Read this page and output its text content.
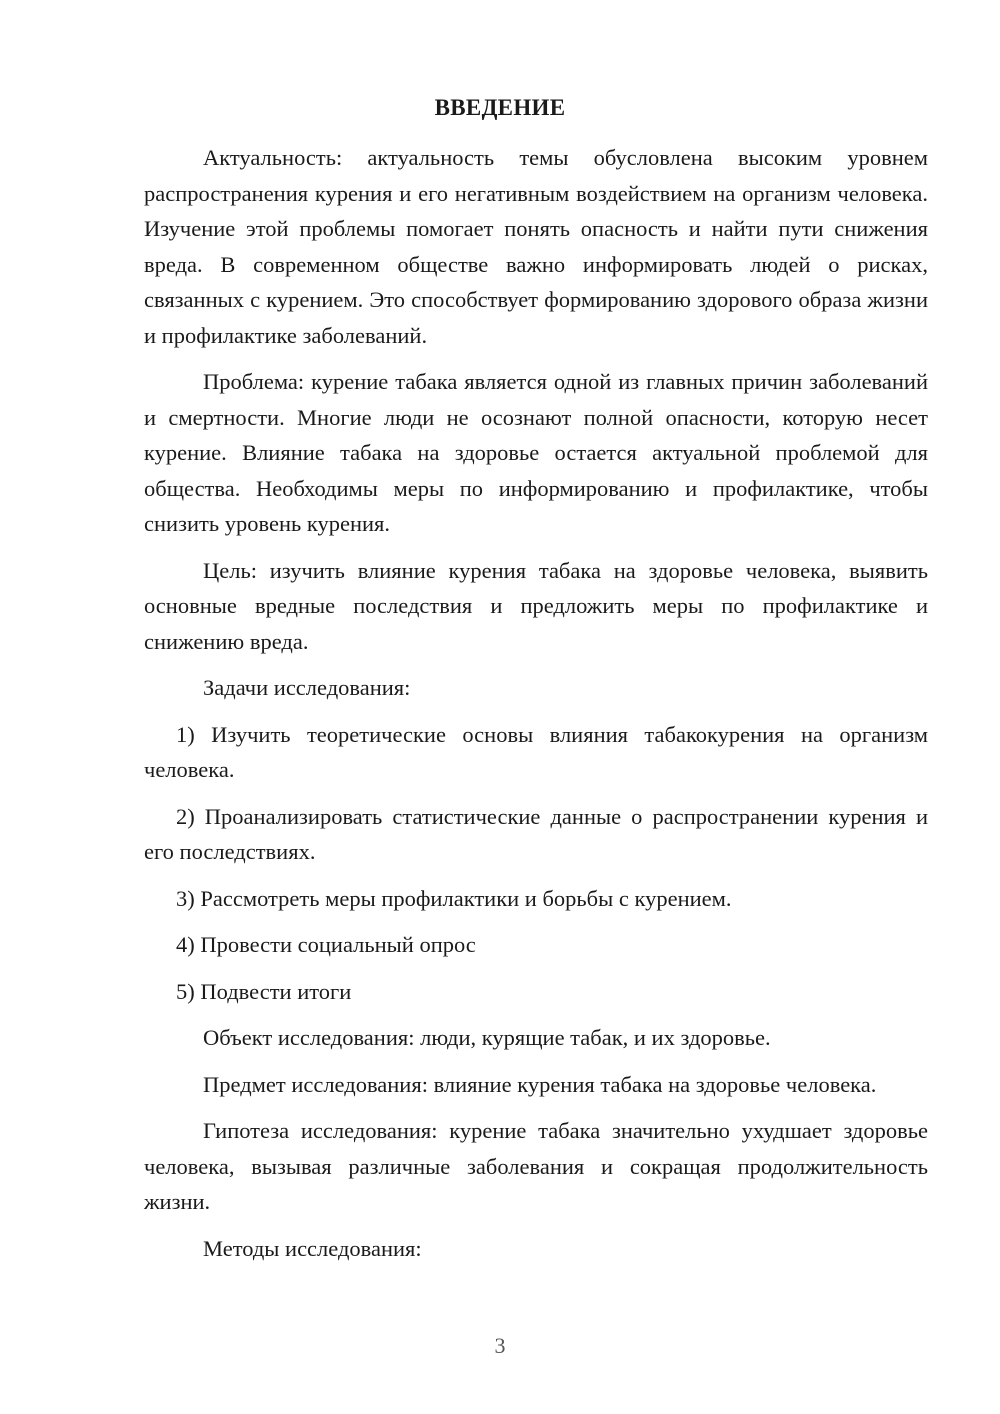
ВВЕДЕНИЕ

Актуальность: актуальность темы обусловлена высоким уровнем распространения курения и его негативным воздействием на организм человека. Изучение этой проблемы помогает понять опасность и найти пути снижения вреда. В современном обществе важно информировать людей о рисках, связанных с курением. Это способствует формированию здорового образа жизни и профилактике заболеваний.

Проблема: курение табака является одной из главных причин заболеваний и смертности. Многие люди не осознают полной опасности, которую несет курение. Влияние табака на здоровье остается актуальной проблемой для общества. Необходимы меры по информированию и профилактике, чтобы снизить уровень курения.

Цель: изучить влияние курения табака на здоровье человека, выявить основные вредные последствия и предложить меры по профилактике и снижению вреда.

Задачи исследования:

1) Изучить теоретические основы влияния табакокурения на организм человека.

2) Проанализировать статистические данные о распространении курения и его последствиях.

3) Рассмотреть меры профилактики и борьбы с курением.

4) Провести социальный опрос

5) Подвести итоги

Объект исследования: люди, курящие табак, и их здоровье.

Предмет исследования: влияние курения табака на здоровье человека.

Гипотеза исследования: курение табака значительно ухудшает здоровье человека, вызывая различные заболевания и сокращая продолжительность жизни.

Методы исследования:

3
